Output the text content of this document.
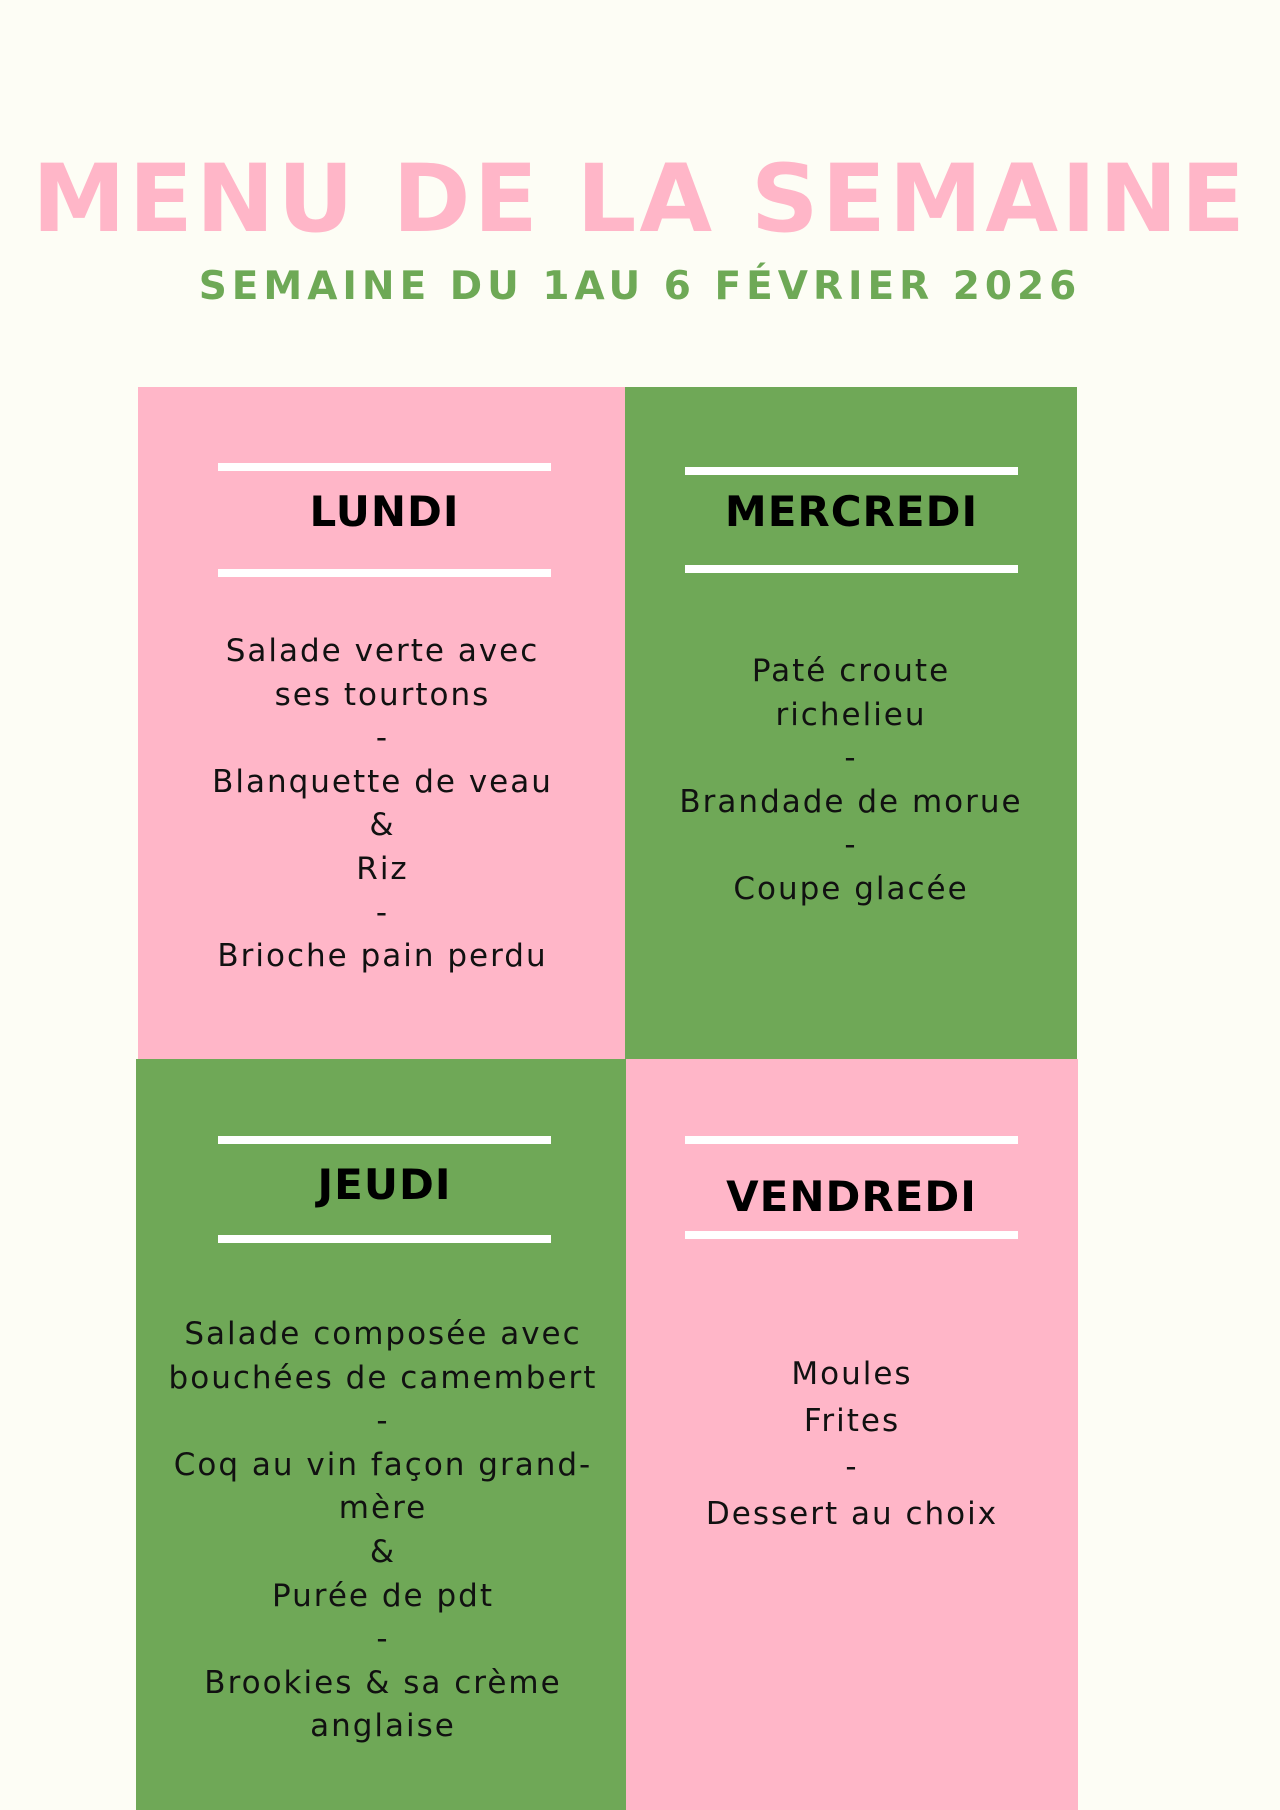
MENU DE LA SEMAINE
SEMAINE DU 1AU 6 FÉVRIER 2026
LUNDI
Salade verte avec
ses tourtons
-
Blanquette de veau
&
Riz
-
Brioche pain perdu
MERCREDI
Paté croute
richelieu
-
Brandade de morue
-
Coupe glacée
JEUDI
Salade composée avec
bouchées de camembert
-
Coq au vin façon grand-
mère
&
Purée de pdt
-
Brookies & sa crème
anglaise
VENDREDI
Moules
Frites
-
Dessert au choix
